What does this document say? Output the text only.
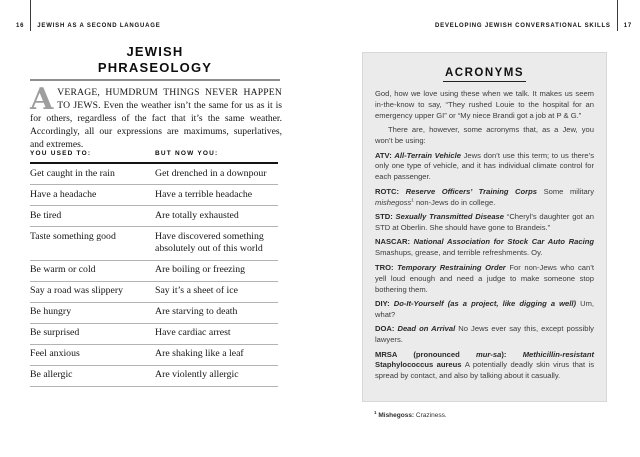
16 JEWISH AS A SECOND LANGUAGE
JEWISH
PHRASEOLOGY

AVERAGE, HUMDRUM THINGS NEVER HAPPEN TO JEWS. Even the weather isn’t the same for us as it is for others, regardless of the fact that it’s the same weather. Accordingly, all our expressions are maximums, superlatives, and extremes.

YOU USED TO:	BUT NOW YOU:
Get caught in the rain	Get drenched in a downpour
Have a headache	Have a terrible headache
Be tired	Are totally exhausted
Taste something good	Have discovered something absolutely out of this world
Be warm or cold	Are boiling or freezing
Say a road was slippery	Say it’s a sheet of ice
Be hungry	Are starving to death
Be surprised	Have cardiac arrest
Feel anxious	Are shaking like a leaf
Be allergic	Are violently allergic
DEVELOPING JEWISH CONVERSATIONAL SKILLS 17
ACRONYMS

God, how we love using these when we talk. It makes us seem in-the-know to say, “They rushed Louie to the hospital for an emergency upper GI” or “My niece Brandi got a job at P & G.”

There are, however, some acronyms that, as a Jew, you won’t be using:

ATV: All-Terrain Vehicle Jews don’t use this term; to us there’s only one type of vehicle, and it has individual climate control for each passenger.

ROTC: Reserve Officers’ Training Corps Some military mishegoss$^1$ non-Jews do in college.

STD: Sexually Transmitted Disease “Cheryl’s daughter got an STD at Oberlin. She should have gone to Brandeis.”

NASCAR: National Association for Stock Car Auto Racing Smashups, grease, and terrible refreshments. Oy.

TRO: Temporary Restraining Order For non-Jews who can’t yell loud enough and need a judge to make someone stop bothering them.

DIY: Do-It-Yourself (as a project, like digging a well) Um, what?

DOA: Dead on Arrival No Jews ever say this, except possibly lawyers.

MRSA (pronounced mur-sa): Methicillin-resistant Staphylococcus aureus A potentially deadly skin virus that is spread by contact, and also by talking about it casually.

$^1$ Mishegoss: Craziness.
